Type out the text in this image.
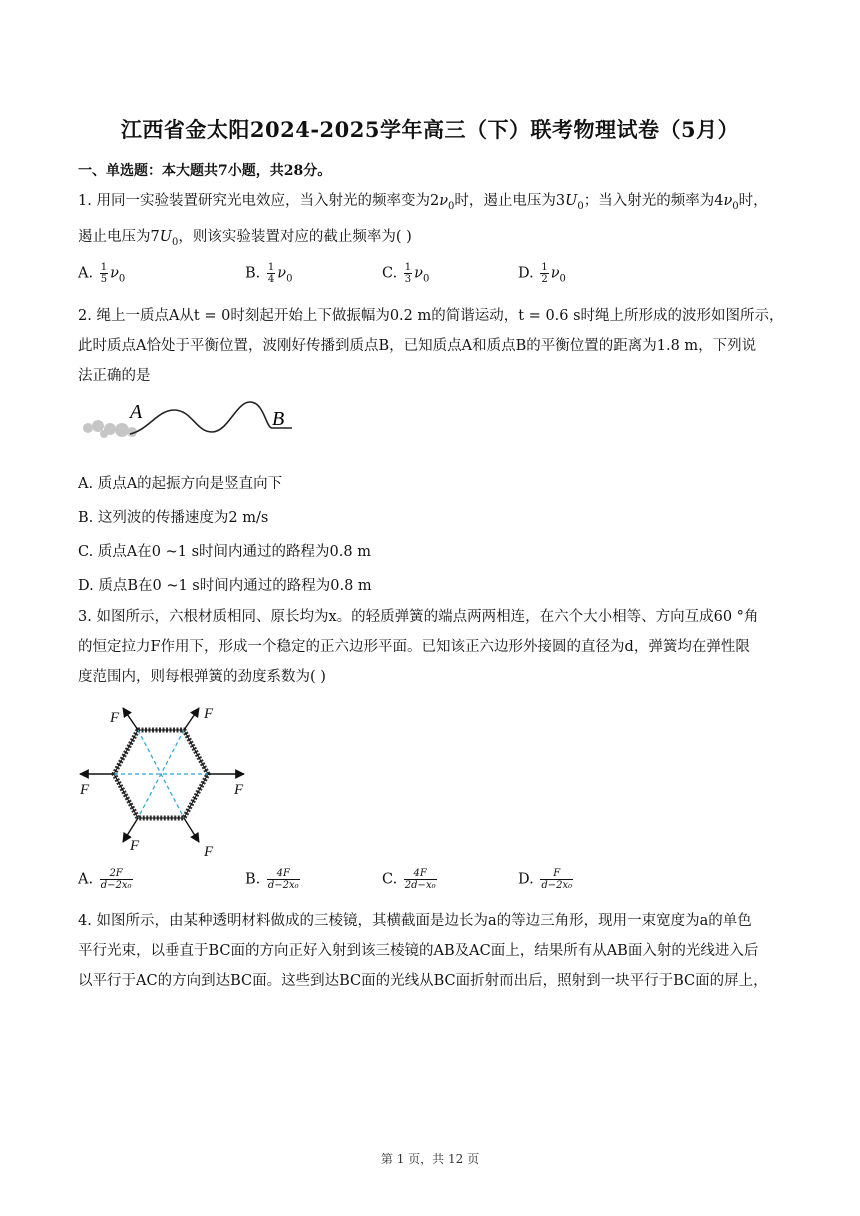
江西省金太阳2024-2025学年高三（下）联考物理试卷（5月）
一、单选题：本大题共7小题，共28分。
1. 用同一实验装置研究光电效应，当入射光的频率变为$2\nu_0$时，遏止电压为$3U_0$；当入射光的频率为$4\nu_0$时，
遏止电压为$7U_0$，则该实验装置对应的截止频率为( )
A. $\frac{1}{5} \nu_0$	B. $\frac{1}{4} \nu_0$	C. $\frac{1}{3} \nu_0$	D. $\frac{1}{2} \nu_0$
2. 绳上一质点A从t = 0时刻起开始上下做振幅为0.2 m的简谐运动，t = 0.6 s时绳上所形成的波形如图所示，
此时质点A恰处于平衡位置，波刚好传播到质点B，已知质点A和质点B的平衡位置的距离为1.8 m，下列说
法正确的是
A	B
A. 质点A的起振方向是竖直向下
B. 这列波的传播速度为2 m/s
C. 质点A在0 ~1 s时间内通过的路程为0.8 m
D. 质点B在0 ~1 s时间内通过的路程为0.8 m
3. 如图所示，六根材质相同、原长均为x。的轻质弹簧的端点两两相连，在六个大小相等、方向互成60 °角
的恒定拉力F作用下，形成一个稳定的正六边形平面。已知该正六边形外接圆的直径为d，弹簧均在弹性限
度范围内，则每根弹簧的劲度系数为( )
F	F
F
F
F
F
A. $\frac{2F}{\text{d−2x₀}}$	B. $\frac{4F}{\text{d−2x₀}}$	C. $\frac{4F}{\text{2d−x₀}}$	D. $\frac{F}{\text{d−2x₀}}$
4. 如图所示，由某种透明材料做成的三棱镜，其横截面是边长为a的等边三角形，现用一束宽度为a的单色
平行光束，以垂直于BC面的方向正好入射到该三棱镜的AB及AC面上，结果所有从AB面入射的光线进入后
以平行于AC的方向到达BC面。这些到达BC面的光线从BC面折射而出后，照射到一块平行于BC面的屏上，
第 1 页，共 12 页
